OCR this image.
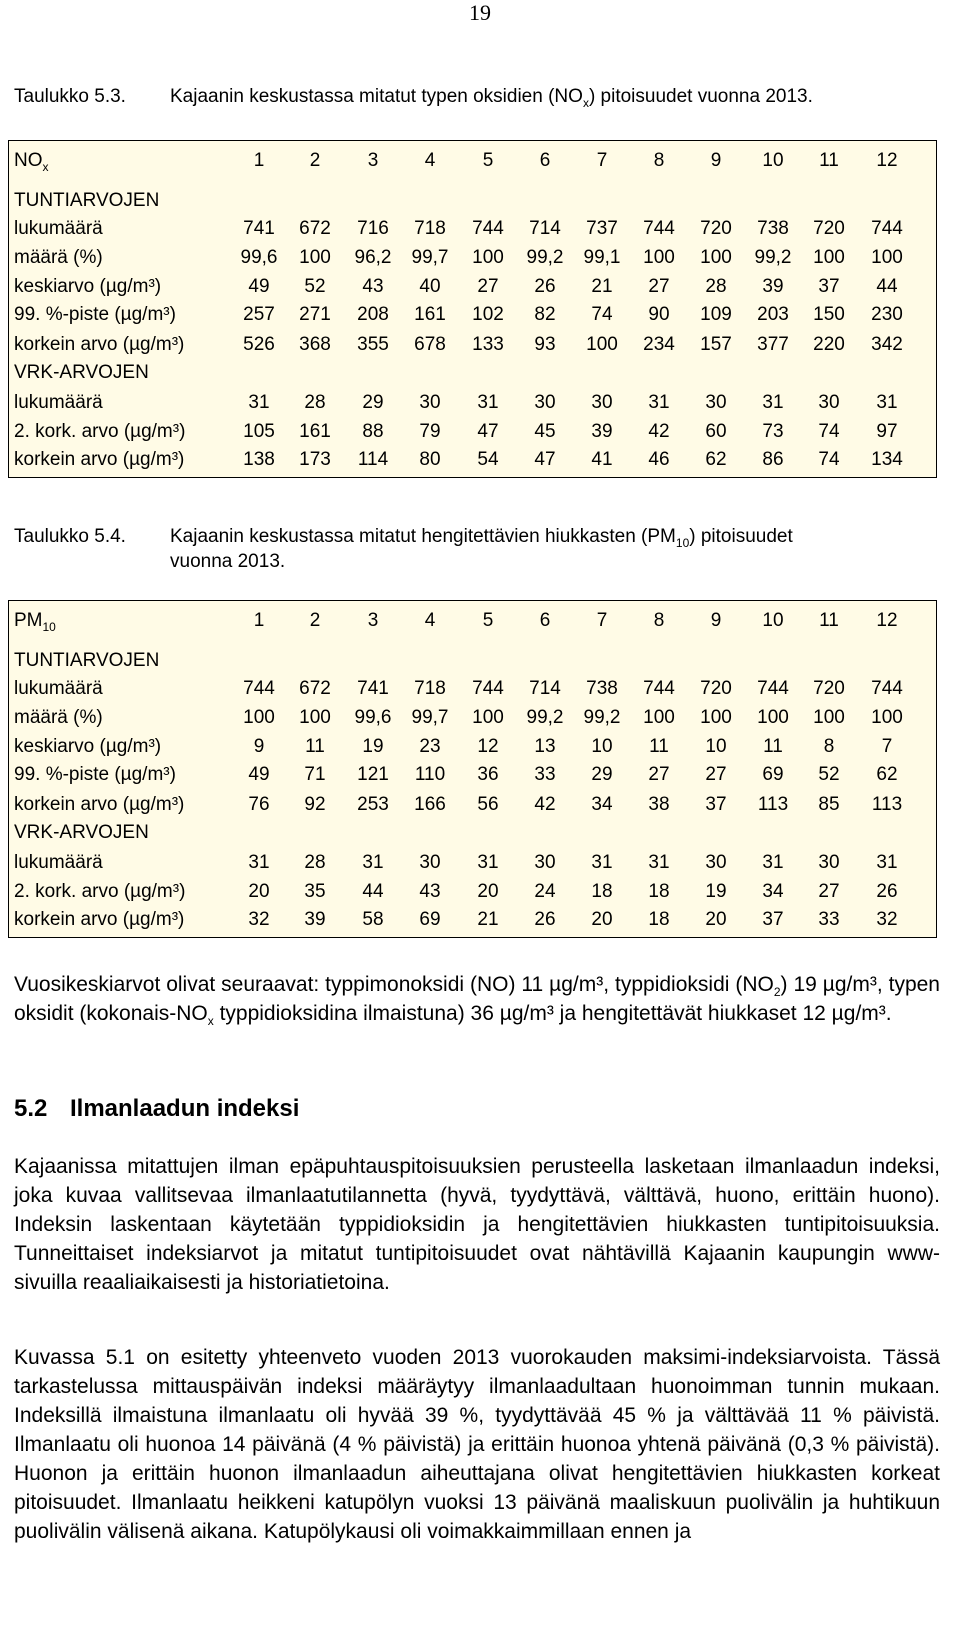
19
Taulukko 5.3. Kajaanin keskustassa mitatut typen oksidien $(NO_x)$ pitoisuudet vuonna 2013.
$NO_x$	1	2	3	4	5	6	7	8	9	10	11	12
TUNTIARVOJEN
lukumäärä	741	672	716	718	744	714	737	744	720	738	720	744
määrä (%)	99,6	100	96,2	99,7	100	99,2	99,1	100	100	99,2	100	100
keskiarvo (µg/m³)	49	52	43	40	27	26	21	27	28	39	37	44
99. %-piste (µg/m³)	257	271	208	161	102	82	74	90	109	203	150	230
korkein arvo (µg/m³)	526	368	355	678	133	93	100	234	157	377	220	342
VRK-ARVOJEN
lukumäärä	31	28	29	30	31	30	30	31	30	31	30	31
2. kork. arvo (µg/m³)	105	161	88	79	47	45	39	42	60	73	74	97
korkein arvo (µg/m³)	138	173	114	80	54	47	41	46	62	86	74	134
Taulukko 5.4. Kajaanin keskustassa mitatut hengitettävien hiukkasten $(PM_{10})$ pitoisuudet
vuonna 2013.
$PM_{10}$	1	2	3	4	5	6	7	8	9	10	11	12
TUNTIARVOJEN
lukumäärä	744	672	741	718	744	714	738	744	720	744	720	744
määrä (%)	100	100	99,6	99,7	100	99,2	99,2	100	100	100	100	100
keskiarvo (µg/m³)	9	11	19	23	12	13	10	11	10	11	8	7
99. %-piste (µg/m³)	49	71	121	110	36	33	29	27	27	69	52	62
korkein arvo (µg/m³)	76	92	253	166	56	42	34	38	37	113	85	113
VRK-ARVOJEN
lukumäärä	31	28	31	30	31	30	31	31	30	31	30	31
2. kork. arvo (µg/m³)	20	35	44	43	20	24	18	18	19	34	27	26
korkein arvo (µg/m³)	32	39	58	69	21	26	20	18	20	37	33	32
Vuosikeskiarvot olivat seuraavat: typpimonoksidi (NO) 11 µg/m³, typpidioksidi $(NO_2)$ 19 µg/m³, typen oksidit ($kokonais-NO_x$ typpidioksidina ilmaistuna) 36 µg/m³ ja hengitettävät hiukkaset 12 µg/m³.
5.2 Ilmanlaadun indeksi
Kajaanissa mitattujen ilman epäpuhtauspitoisuuksien perusteella lasketaan ilmanlaadun indeksi, joka kuvaa vallitsevaa ilmanlaatutilannetta (hyvä, tyydyttävä, välttävä, huono, erittäin huono). Indeksin laskentaan käytetään typpidioksidin ja hengitettävien hiukkasten tuntipitoisuuksia. Tunneittaiset indeksiarvot ja mitatut tuntipitoisuudet ovat nähtävillä Kajaanin kaupungin www-sivuilla reaaliaikaisesti ja historiatietoina.
Kuvassa 5.1 on esitetty yhteenveto vuoden 2013 vuorokauden maksimi-indeksiarvoista. Tässä tarkastelussa mittauspäivän indeksi määräytyy ilmanlaadultaan huonoimman tunnin mukaan. Indeksillä ilmaistuna ilmanlaatu oli hyvää 39 %, tyydyttävää 45 % ja välttävää 11 % päivistä. Ilmanlaatu oli huonoa 14 päivänä (4 % päivistä) ja erittäin huonoa yhtenä päivänä (0,3 % päivistä). Huonon ja erittäin huonon ilmanlaadun aiheuttajana olivat hengitettävien hiukkasten korkeat pitoisuudet. Ilmanlaatu heikkeni katupölyn vuoksi 13 päivänä maaliskuun puolivälin ja huhtikuun puolivälin välisenä aikana. Katupölykausi oli voimakkaimmillaan ennen ja
